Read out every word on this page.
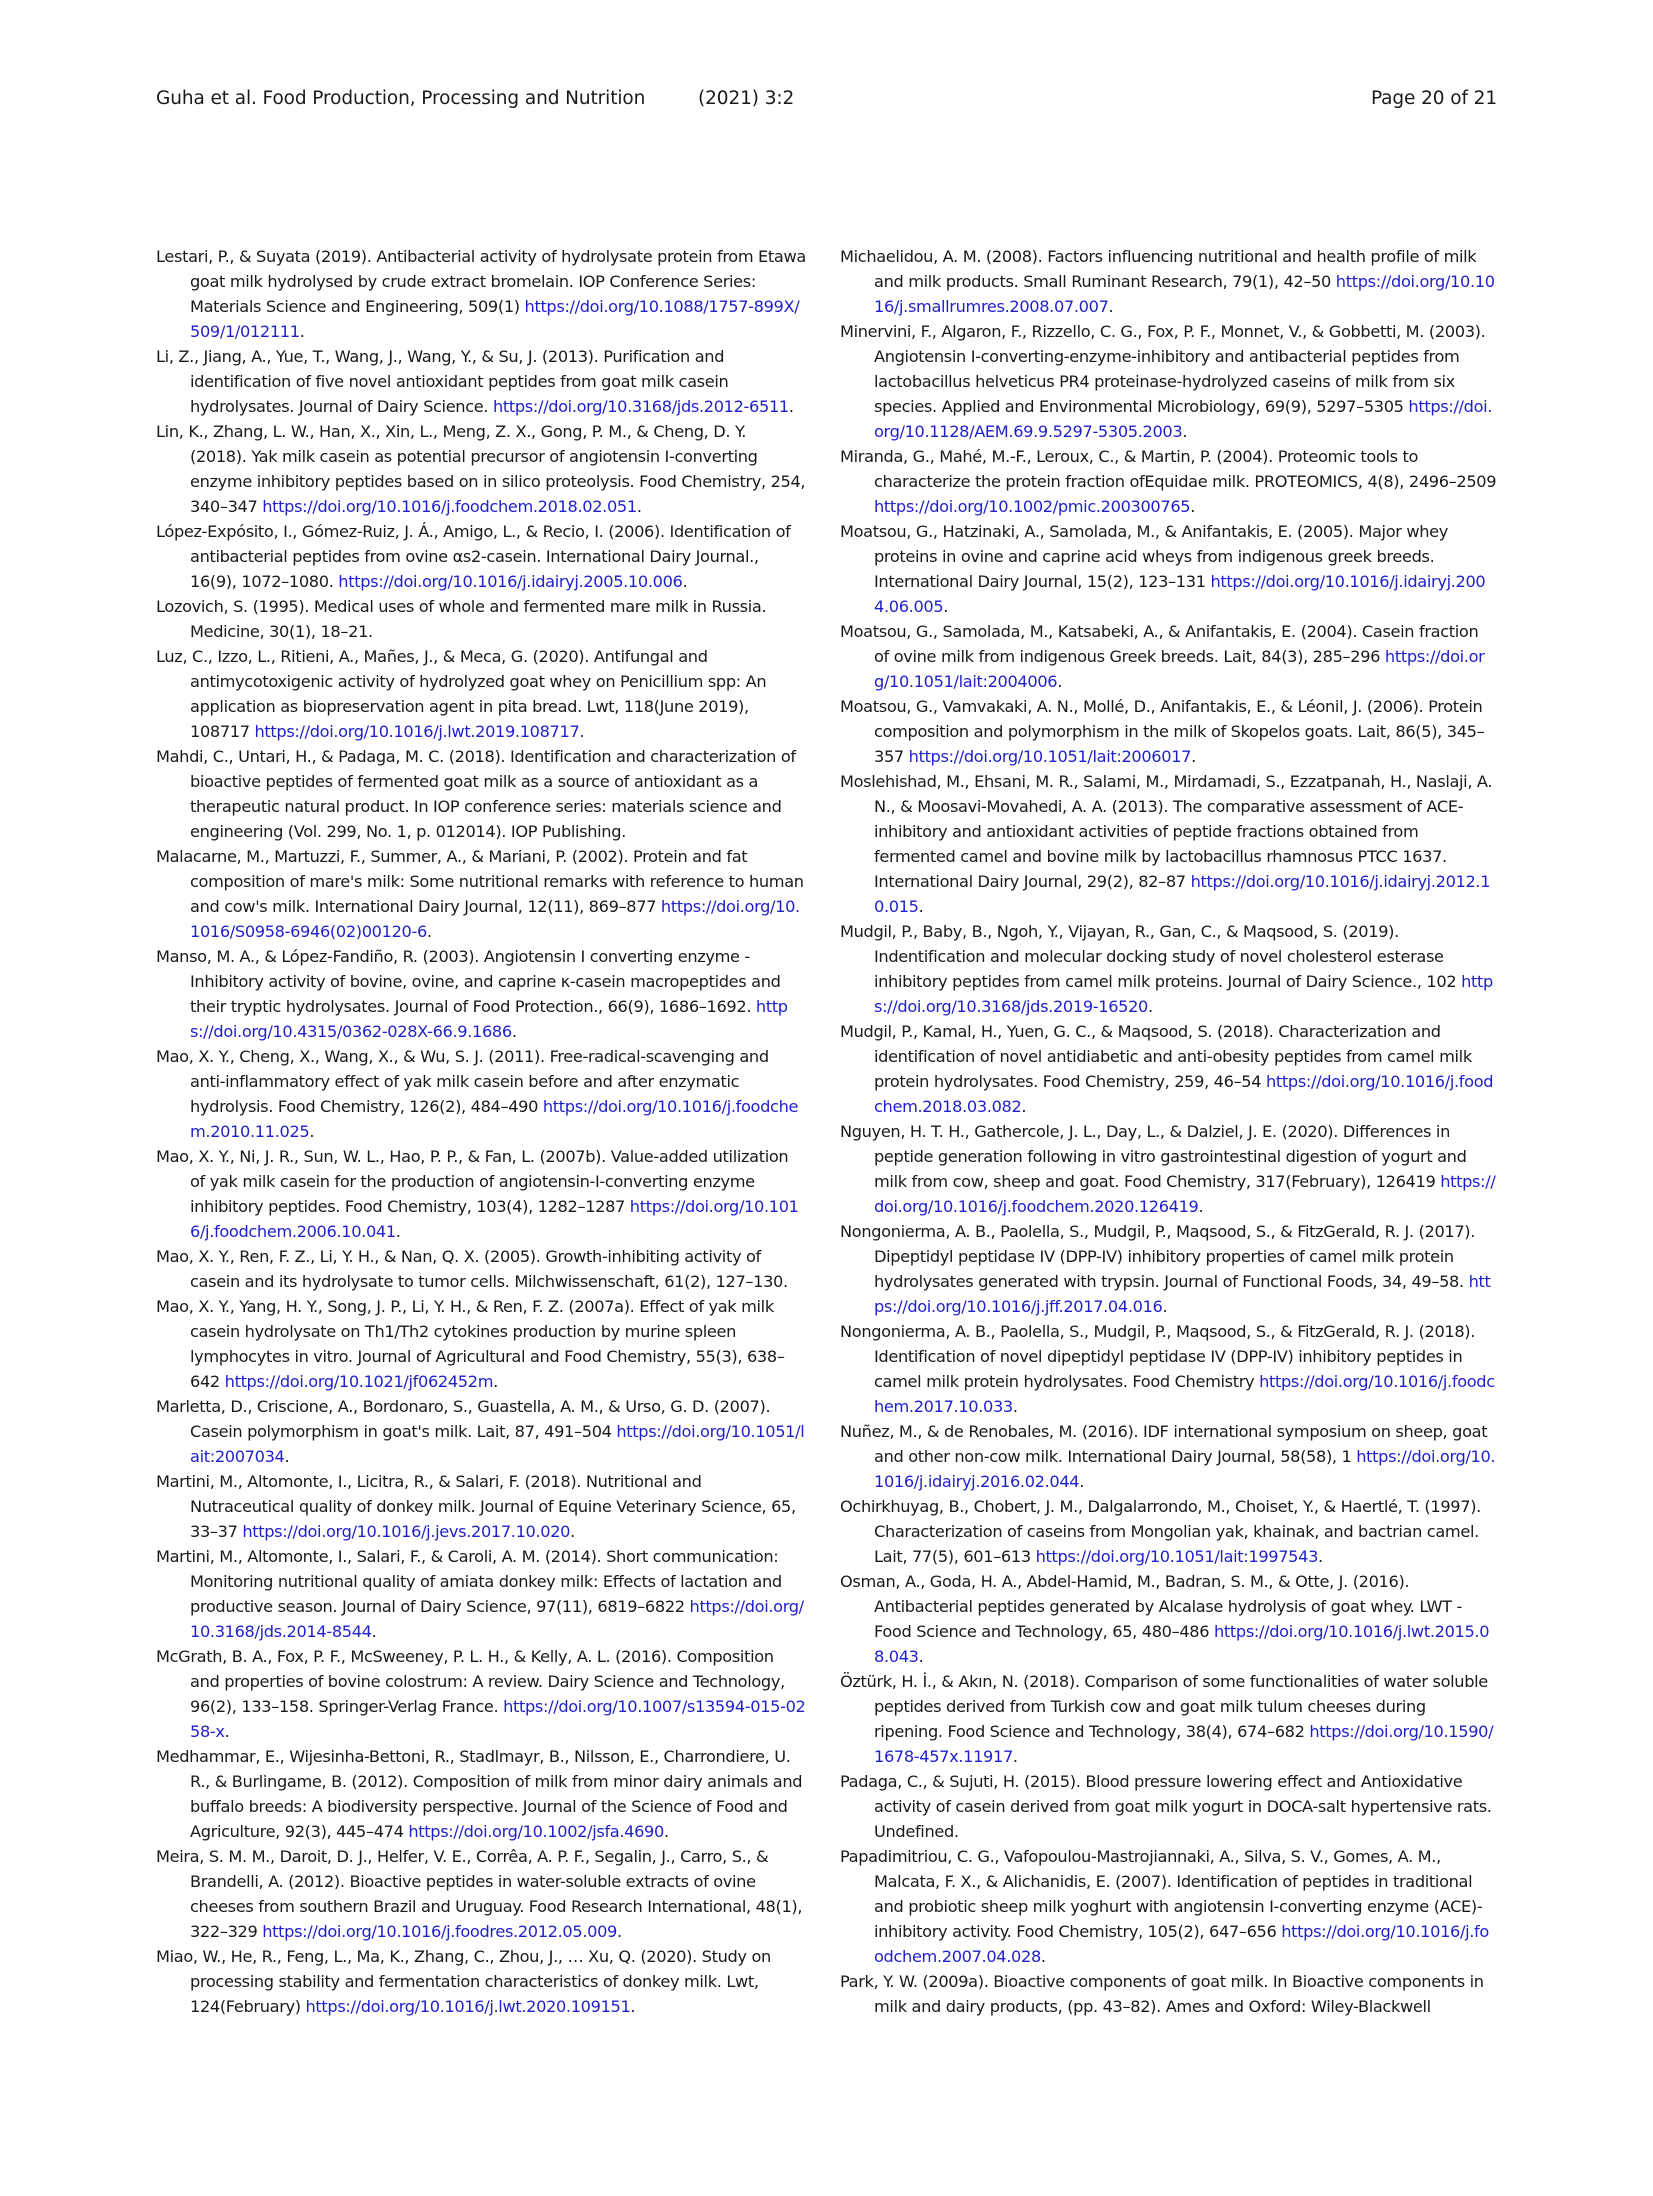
Guha et al. Food Production, Processing and Nutrition	(2021) 3:2	Page 20 of 21

Lestari, P., & Suyata (2019). Antibacterial activity of hydrolysate protein from Etawa goat milk hydrolysed by crude extract bromelain. IOP Conference Series: Materials Science and Engineering, 509(1) https://doi.org/10.1088/1757-899X/509/1/012111.

Li, Z., Jiang, A., Yue, T., Wang, J., Wang, Y., & Su, J. (2013). Purification and identification of five novel antioxidant peptides from goat milk casein hydrolysates. Journal of Dairy Science. https://doi.org/10.3168/jds.2012-6511.

Lin, K., Zhang, L. W., Han, X., Xin, L., Meng, Z. X., Gong, P. M., & Cheng, D. Y. (2018). Yak milk casein as potential precursor of angiotensin I-converting enzyme inhibitory peptides based on in silico proteolysis. Food Chemistry, 254, 340–347 https://doi.org/10.1016/j.foodchem.2018.02.051.

López-Expósito, I., Gómez-Ruiz, J. Á., Amigo, L., & Recio, I. (2006). Identification of antibacterial peptides from ovine αs2-casein. International Dairy Journal., 16(9), 1072–1080. https://doi.org/10.1016/j.idairyj.2005.10.006.

Lozovich, S. (1995). Medical uses of whole and fermented mare milk in Russia. Medicine, 30(1), 18–21.

Luz, C., Izzo, L., Ritieni, A., Mañes, J., & Meca, G. (2020). Antifungal and antimycotoxigenic activity of hydrolyzed goat whey on Penicillium spp: An application as biopreservation agent in pita bread. Lwt, 118(June 2019), 108717 https://doi.org/10.1016/j.lwt.2019.108717.

Mahdi, C., Untari, H., & Padaga, M. C. (2018). Identification and characterization of bioactive peptides of fermented goat milk as a source of antioxidant as a therapeutic natural product. In IOP conference series: materials science and engineering (Vol. 299, No. 1, p. 012014). IOP Publishing.

Malacarne, M., Martuzzi, F., Summer, A., & Mariani, P. (2002). Protein and fat composition of mare's milk: Some nutritional remarks with reference to human and cow's milk. International Dairy Journal, 12(11), 869–877 https://doi.org/10.1016/S0958-6946(02)00120-6.

Manso, M. A., & López-Fandiño, R. (2003). Angiotensin I converting enzyme - Inhibitory activity of bovine, ovine, and caprine κ-casein macropeptides and their tryptic hydrolysates. Journal of Food Protection., 66(9), 1686–1692. https://doi.org/10.4315/0362-028X-66.9.1686.

Mao, X. Y., Cheng, X., Wang, X., & Wu, S. J. (2011). Free-radical-scavenging and anti-inflammatory effect of yak milk casein before and after enzymatic hydrolysis. Food Chemistry, 126(2), 484–490 https://doi.org/10.1016/j.foodchem.2010.11.025.

Mao, X. Y., Ni, J. R., Sun, W. L., Hao, P. P., & Fan, L. (2007b). Value-added utilization of yak milk casein for the production of angiotensin-I-converting enzyme inhibitory peptides. Food Chemistry, 103(4), 1282–1287 https://doi.org/10.1016/j.foodchem.2006.10.041.

Mao, X. Y., Ren, F. Z., Li, Y. H., & Nan, Q. X. (2005). Growth-inhibiting activity of casein and its hydrolysate to tumor cells. Milchwissenschaft, 61(2), 127–130.

Mao, X. Y., Yang, H. Y., Song, J. P., Li, Y. H., & Ren, F. Z. (2007a). Effect of yak milk casein hydrolysate on Th1/Th2 cytokines production by murine spleen lymphocytes in vitro. Journal of Agricultural and Food Chemistry, 55(3), 638–642 https://doi.org/10.1021/jf062452m.

Marletta, D., Criscione, A., Bordonaro, S., Guastella, A. M., & Urso, G. D. (2007). Casein polymorphism in goat's milk. Lait, 87, 491–504 https://doi.org/10.1051/lait:2007034.

Martini, M., Altomonte, I., Licitra, R., & Salari, F. (2018). Nutritional and Nutraceutical quality of donkey milk. Journal of Equine Veterinary Science, 65, 33–37 https://doi.org/10.1016/j.jevs.2017.10.020.

Martini, M., Altomonte, I., Salari, F., & Caroli, A. M. (2014). Short communication: Monitoring nutritional quality of amiata donkey milk: Effects of lactation and productive season. Journal of Dairy Science, 97(11), 6819–6822 https://doi.org/10.3168/jds.2014-8544.

McGrath, B. A., Fox, P. F., McSweeney, P. L. H., & Kelly, A. L. (2016). Composition and properties of bovine colostrum: A review. Dairy Science and Technology, 96(2), 133–158. Springer-Verlag France. https://doi.org/10.1007/s13594-015-0258-x.

Medhammar, E., Wijesinha-Bettoni, R., Stadlmayr, B., Nilsson, E., Charrondiere, U. R., & Burlingame, B. (2012). Composition of milk from minor dairy animals and buffalo breeds: A biodiversity perspective. Journal of the Science of Food and Agriculture, 92(3), 445–474 https://doi.org/10.1002/jsfa.4690.

Meira, S. M. M., Daroit, D. J., Helfer, V. E., Corrêa, A. P. F., Segalin, J., Carro, S., & Brandelli, A. (2012). Bioactive peptides in water-soluble extracts of ovine cheeses from southern Brazil and Uruguay. Food Research International, 48(1), 322–329 https://doi.org/10.1016/j.foodres.2012.05.009.

Miao, W., He, R., Feng, L., Ma, K., Zhang, C., Zhou, J., … Xu, Q. (2020). Study on processing stability and fermentation characteristics of donkey milk. Lwt, 124(February) https://doi.org/10.1016/j.lwt.2020.109151.

Michaelidou, A. M. (2008). Factors influencing nutritional and health profile of milk and milk products. Small Ruminant Research, 79(1), 42–50 https://doi.org/10.1016/j.smallrumres.2008.07.007.

Minervini, F., Algaron, F., Rizzello, C. G., Fox, P. F., Monnet, V., & Gobbetti, M. (2003). Angiotensin I-converting-enzyme-inhibitory and antibacterial peptides from lactobacillus helveticus PR4 proteinase-hydrolyzed caseins of milk from six species. Applied and Environmental Microbiology, 69(9), 5297–5305 https://doi.org/10.1128/AEM.69.9.5297-5305.2003.

Miranda, G., Mahé, M.-F., Leroux, C., & Martin, P. (2004). Proteomic tools to characterize the protein fraction ofEquidae milk. PROTEOMICS, 4(8), 2496–2509 https://doi.org/10.1002/pmic.200300765.

Moatsou, G., Hatzinaki, A., Samolada, M., & Anifantakis, E. (2005). Major whey proteins in ovine and caprine acid wheys from indigenous greek breeds. International Dairy Journal, 15(2), 123–131 https://doi.org/10.1016/j.idairyj.2004.06.005.

Moatsou, G., Samolada, M., Katsabeki, A., & Anifantakis, E. (2004). Casein fraction of ovine milk from indigenous Greek breeds. Lait, 84(3), 285–296 https://doi.org/10.1051/lait:2004006.

Moatsou, G., Vamvakaki, A. N., Mollé, D., Anifantakis, E., & Léonil, J. (2006). Protein composition and polymorphism in the milk of Skopelos goats. Lait, 86(5), 345–357 https://doi.org/10.1051/lait:2006017.

Moslehishad, M., Ehsani, M. R., Salami, M., Mirdamadi, S., Ezzatpanah, H., Naslaji, A. N., & Moosavi-Movahedi, A. A. (2013). The comparative assessment of ACE-inhibitory and antioxidant activities of peptide fractions obtained from fermented camel and bovine milk by lactobacillus rhamnosus PTCC 1637. International Dairy Journal, 29(2), 82–87 https://doi.org/10.1016/j.idairyj.2012.10.015.

Mudgil, P., Baby, B., Ngoh, Y., Vijayan, R., Gan, C., & Maqsood, S. (2019). Indentification and molecular docking study of novel cholesterol esterase inhibitory peptides from camel milk proteins. Journal of Dairy Science., 102 https://doi.org/10.3168/jds.2019-16520.

Mudgil, P., Kamal, H., Yuen, G. C., & Maqsood, S. (2018). Characterization and identification of novel antidiabetic and anti-obesity peptides from camel milk protein hydrolysates. Food Chemistry, 259, 46–54 https://doi.org/10.1016/j.foodchem.2018.03.082.

Nguyen, H. T. H., Gathercole, J. L., Day, L., & Dalziel, J. E. (2020). Differences in peptide generation following in vitro gastrointestinal digestion of yogurt and milk from cow, sheep and goat. Food Chemistry, 317(February), 126419 https://doi.org/10.1016/j.foodchem.2020.126419.

Nongonierma, A. B., Paolella, S., Mudgil, P., Maqsood, S., & FitzGerald, R. J. (2017). Dipeptidyl peptidase IV (DPP-IV) inhibitory properties of camel milk protein hydrolysates generated with trypsin. Journal of Functional Foods, 34, 49–58. https://doi.org/10.1016/j.jff.2017.04.016.

Nongonierma, A. B., Paolella, S., Mudgil, P., Maqsood, S., & FitzGerald, R. J. (2018). Identification of novel dipeptidyl peptidase IV (DPP-IV) inhibitory peptides in camel milk protein hydrolysates. Food Chemistry https://doi.org/10.1016/j.foodchem.2017.10.033.

Nuñez, M., & de Renobales, M. (2016). IDF international symposium on sheep, goat and other non-cow milk. International Dairy Journal, 58(58), 1 https://doi.org/10.1016/j.idairyj.2016.02.044.

Ochirkhuyag, B., Chobert, J. M., Dalgalarrondo, M., Choiset, Y., & Haertlé, T. (1997). Characterization of caseins from Mongolian yak, khainak, and bactrian camel. Lait, 77(5), 601–613 https://doi.org/10.1051/lait:1997543.

Osman, A., Goda, H. A., Abdel-Hamid, M., Badran, S. M., & Otte, J. (2016). Antibacterial peptides generated by Alcalase hydrolysis of goat whey. LWT - Food Science and Technology, 65, 480–486 https://doi.org/10.1016/j.lwt.2015.08.043.

Öztürk, H. İ., & Akın, N. (2018). Comparison of some functionalities of water soluble peptides derived from Turkish cow and goat milk tulum cheeses during ripening. Food Science and Technology, 38(4), 674–682 https://doi.org/10.1590/1678-457x.11917.

Padaga, C., & Sujuti, H. (2015). Blood pressure lowering effect and Antioxidative activity of casein derived from goat milk yogurt in DOCA-salt hypertensive rats. Undefined.

Papadimitriou, C. G., Vafopoulou-Mastrojiannaki, A., Silva, S. V., Gomes, A. M., Malcata, F. X., & Alichanidis, E. (2007). Identification of peptides in traditional and probiotic sheep milk yoghurt with angiotensin I-converting enzyme (ACE)-inhibitory activity. Food Chemistry, 105(2), 647–656 https://doi.org/10.1016/j.foodchem.2007.04.028.

Park, Y. W. (2009a). Bioactive components of goat milk. In Bioactive components in milk and dairy products, (pp. 43–82). Ames and Oxford: Wiley-Blackwell
